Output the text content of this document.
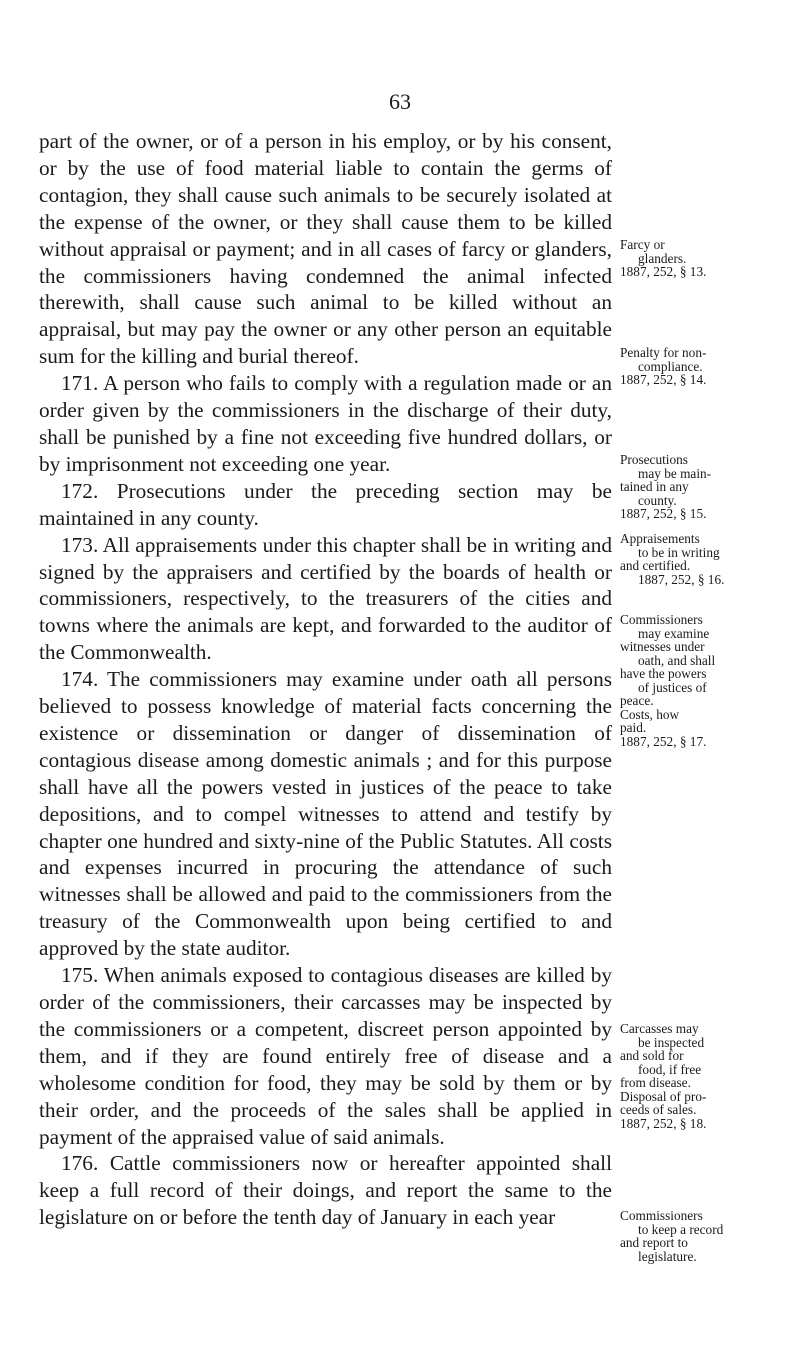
63

part of the owner, or of a person in his employ, or by his consent, or by the use of food material liable to contain the germs of contagion, they shall cause such animals to be securely isolated at the expense of the owner, or they shall cause them to be killed without appraisal or payment; and in all cases of farcy or glanders, the commissioners having condemned the animal infected therewith, shall cause such animal to be killed without an appraisal, but may pay the owner or any other person an equitable sum for the killing and burial thereof.

171. A person who fails to comply with a regulation made or an order given by the commissioners in the discharge of their duty, shall be punished by a fine not exceeding five hundred dollars, or by imprisonment not exceeding one year.

172. Prosecutions under the preceding section may be maintained in any county.

173. All appraisements under this chapter shall be in writing and signed by the appraisers and certified by the boards of health or commissioners, respectively, to the treasurers of the cities and towns where the animals are kept, and forwarded to the auditor of the Commonwealth.

174. The commissioners may examine under oath all persons believed to possess knowledge of material facts concerning the existence or dissemination or danger of dissemination of contagious disease among domestic animals ; and for this purpose shall have all the powers vested in justices of the peace to take depositions, and to compel witnesses to attend and testify by chapter one hundred and sixty-nine of the Public Statutes. All costs and expenses incurred in procuring the attendance of such witnesses shall be allowed and paid to the commissioners from the treasury of the Commonwealth upon being certified to and approved by the state auditor.

175. When animals exposed to contagious diseases are killed by order of the commissioners, their carcasses may be inspected by the commissioners or a competent, discreet person appointed by them, and if they are found entirely free of disease and a wholesome condition for food, they may be sold by them or by their order, and the proceeds of the sales shall be applied in payment of the appraised value of said animals.

176. Cattle commissioners now or hereafter appointed shall keep a full record of their doings, and report the same to the legislature on or before the tenth day of January in each year

Farcy or
glanders.
1887, 252, § 13.
Penalty for non-
compliance.
1887, 252, § 14.
Prosecutions
may be main-
tained in any
county.
1887, 252, § 15.
Appraisements
to be in writing
and certified.
1887, 252, § 16.
Commissioners
may examine
witnesses under
oath, and shall
have the powers
of justices of
peace.
Costs, how
paid.
1887, 252, § 17.
Carcasses may
be inspected
and sold for
food, if free
from disease.
Disposal of pro-
ceeds of sales.
1887, 252, § 18.
Commissioners
to keep a record
and report to
legislature.
